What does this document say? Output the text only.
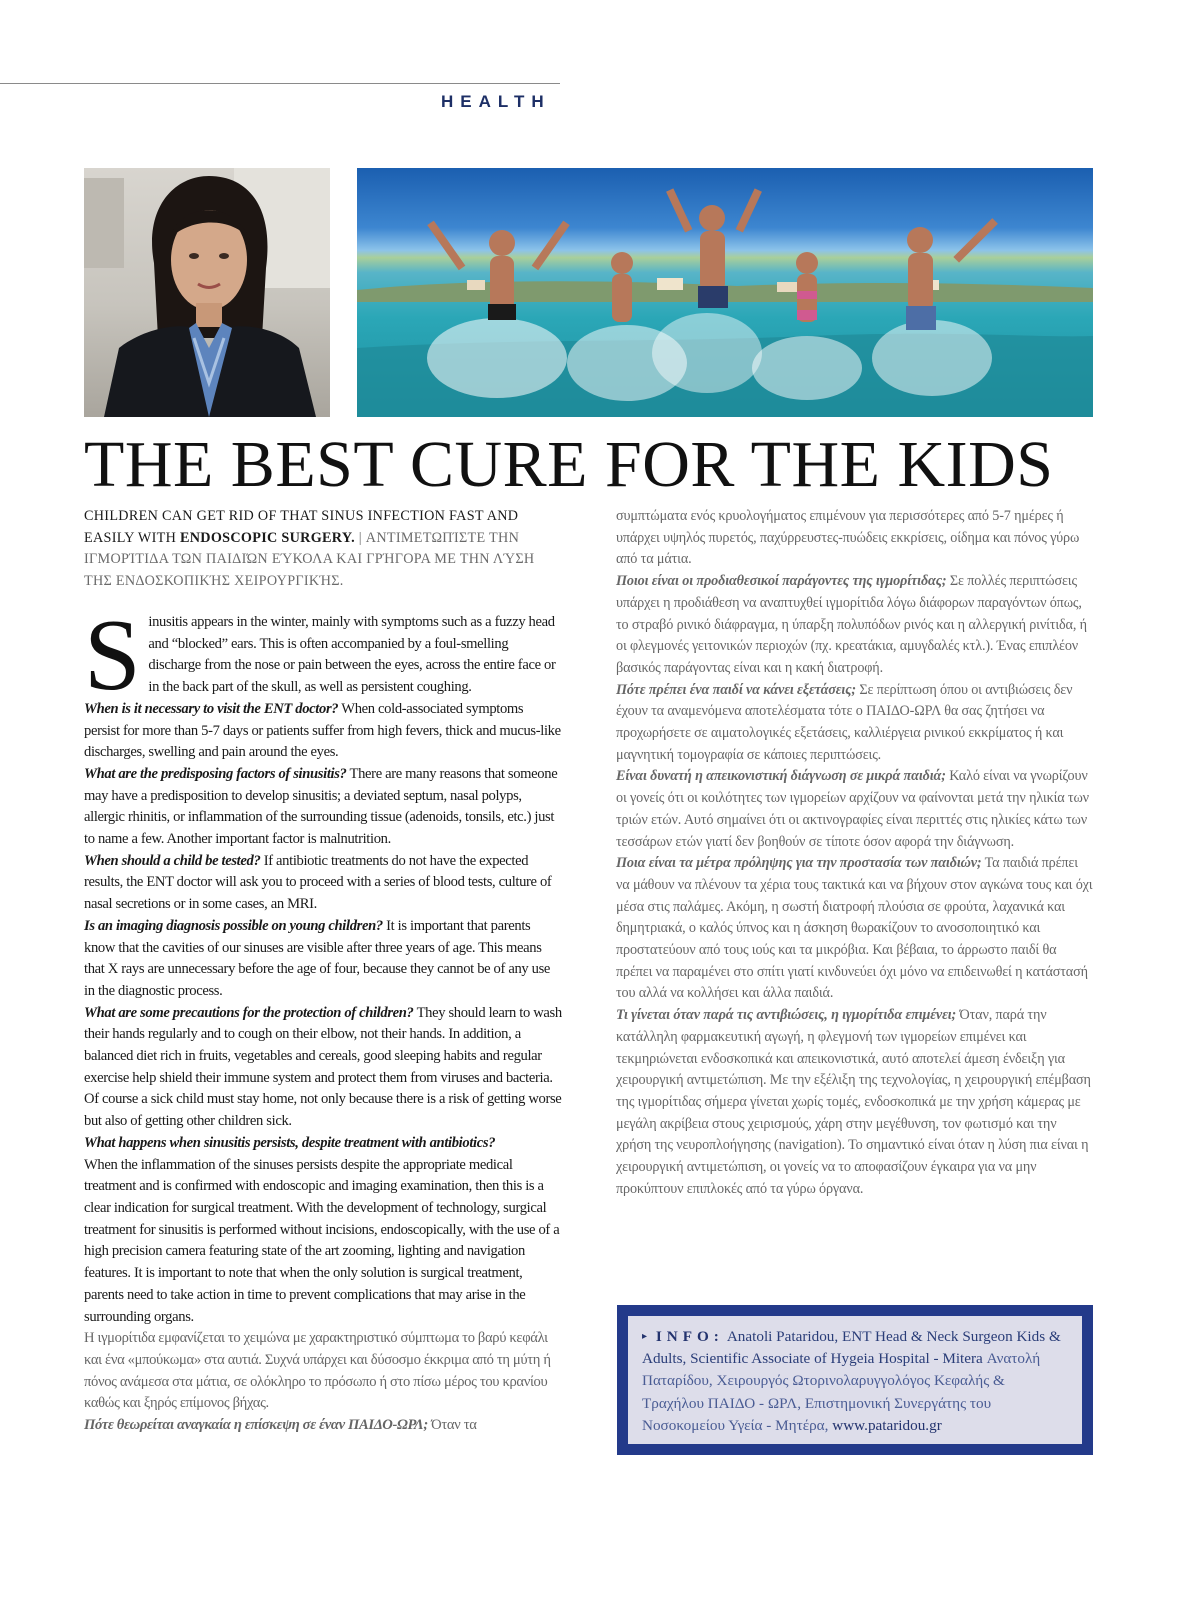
HEALTH
THE BEST CURE FOR THE KIDS
CHILDREN CAN GET RID OF THAT SINUS INFECTION FAST AND EASILY WITH ENDOSCOPIC SURGERY. | ΑΝΤΙΜΕΤΩΠΊΣΤΕ ΤΗΝ ΙΓΜΟΡΊΤΙΔΑ ΤΩΝ ΠΑΙΔΙΏΝ ΕΎΚΟΛΑ ΚΑΙ ΓΡΉΓΟΡΑ ΜΕ ΤΗΝ ΛΎΣΗ ΤΗΣ ΕΝΔΟΣΚΟΠΙΚΉΣ ΧΕΙΡΟΥΡΓΙΚΉΣ.

Sinusitis appears in the winter, mainly with symptoms such as a fuzzy head and “blocked” ears. This is often accompanied by a foul-smelling discharge from the nose or pain between the eyes, across the entire face or in the back part of the skull, as well as persistent coughing.

When is it necessary to visit the ENT doctor? When cold-associated symptoms persist for more than 5-7 days or patients suffer from high fevers, thick and mucus-like discharges, swelling and pain around the eyes.

What are the predisposing factors of sinusitis? There are many reasons that someone may have a predisposition to develop sinusitis; a deviated septum, nasal polyps, allergic rhinitis, or inflammation of the surrounding tissue (adenoids, tonsils, etc.) just to name a few. Another important factor is malnutrition.

When should a child be tested? If antibiotic treatments do not have the expected results, the ENT doctor will ask you to proceed with a series of blood tests, culture of nasal secretions or in some cases, an MRI.

Is an imaging diagnosis possible on young children? It is important that parents know that the cavities of our sinuses are visible after three years of age. This means that X rays are unnecessary before the age of four, because they cannot be of any use in the diagnostic process.

What are some precautions for the protection of children? They should learn to wash their hands regularly and to cough on their elbow, not their hands. In addition, a balanced diet rich in fruits, vegetables and cereals, good sleeping habits and regular exercise help shield their immune system and protect them from viruses and bacteria. Of course a sick child must stay home, not only because there is a risk of getting worse but also of getting other children sick.

What happens when sinusitis persists, despite treatment with antibiotics?
When the inflammation of the sinuses persists despite the appropriate medical treatment and is confirmed with endoscopic and imaging examination, then this is a clear indication for surgical treatment. With the development of technology, surgical treatment for sinusitis is performed without incisions, endoscopically, with the use of a high precision camera featuring state of the art zooming, lighting and navigation features. It is important to note that when the only solution is surgical treatment, parents need to take action in time to prevent complications that may arise in the surrounding organs.

Η ιγμορίτιδα εμφανίζεται το χειμώνα με χαρακτηριστικό σύμπτωμα το βαρύ κεφάλι και ένα «μπούκωμα» στα αυτιά. Συχνά υπάρχει και δύσοσμο έκκριμα από τη μύτη ή πόνος ανάμεσα στα μάτια, σε ολόκληρο το πρόσωπο ή στο πίσω μέρος του κρανίου καθώς και ξηρός επίμονος βήχας.

Πότε θεωρείται αναγκαία η επίσκεψη σε έναν ΠΑΙΔΟ-ΩΡΛ; Όταν τα

συμπτώματα ενός κρυολογήματος επιμένουν για περισσότερες από 5-7 ημέρες ή υπάρχει υψηλός πυρετός, παχύρρευστες-πυώδεις εκκρίσεις, οίδημα και πόνος γύρω από τα μάτια.

Ποιοι είναι οι προδιαθεσικοί παράγοντες της ιγμορίτιδας; Σε πολλές περιπτώσεις υπάρχει η προδιάθεση να αναπτυχθεί ιγμορίτιδα λόγω διάφορων παραγόντων όπως, το στραβό ρινικό διάφραγμα, η ύπαρξη πολυπόδων ρινός και η αλλεργική ρινίτιδα, ή οι φλεγμονές γειτονικών περιοχών (πχ. κρεατάκια, αμυγδαλές κτλ.). Ένας επιπλέον βασικός παράγοντας είναι και η κακή διατροφή.

Πότε πρέπει ένα παιδί να κάνει εξετάσεις; Σε περίπτωση όπου οι αντιβιώσεις δεν έχουν τα αναμενόμενα αποτελέσματα τότε ο ΠΑΙΔΟ-ΩΡΛ θα σας ζητήσει να προχωρήσετε σε αιματολογικές εξετάσεις, καλλιέργεια ρινικού εκκρίματος ή και μαγνητική τομογραφία σε κάποιες περιπτώσεις.

Είναι δυνατή η απεικονιστική διάγνωση σε μικρά παιδιά; Καλό είναι να γνωρίζουν οι γονείς ότι οι κοιλότητες των ιγμορείων αρχίζουν να φαίνονται μετά την ηλικία των τριών ετών. Αυτό σημαίνει ότι οι ακτινογραφίες είναι περιττές στις ηλικίες κάτω των τεσσάρων ετών γιατί δεν βοηθούν σε τίποτε όσον αφορά την διάγνωση.

Ποια είναι τα μέτρα πρόληψης για την προστασία των παιδιών; Τα παιδιά πρέπει να μάθουν να πλένουν τα χέρια τους τακτικά και να βήχουν στον αγκώνα τους και όχι μέσα στις παλάμες. Ακόμη, η σωστή διατροφή πλούσια σε φρούτα, λαχανικά και δημητριακά, ο καλός ύπνος και η άσκηση θωρακίζουν το ανοσοποιητικό και προστατεύουν από τους ιούς και τα μικρόβια. Και βέβαια, το άρρωστο παιδί θα πρέπει να παραμένει στο σπίτι γιατί κινδυνεύει όχι μόνο να επιδεινωθεί η κατάστασή του αλλά να κολλήσει και άλλα παιδιά.

Τι γίνεται όταν παρά τις αντιβιώσεις, η ιγμορίτιδα επιμένει; Όταν, παρά την κατάλληλη φαρμακευτική αγωγή, η φλεγμονή των ιγμορείων επιμένει και τεκμηριώνεται ενδοσκοπικά και απεικονιστικά, αυτό αποτελεί άμεση ένδειξη για χειρουργική αντιμετώπιση. Με την εξέλιξη της τεχνολογίας, η χειρουργική επέμβαση της ιγμορίτιδας σήμερα γίνεται χωρίς τομές, ενδοσκοπικά με την χρήση κάμερας με μεγάλη ακρίβεια στους χειρισμούς, χάρη στην μεγέθυνση, τον φωτισμό και την χρήση της νευροπλοήγησης (navigation). Το σημαντικό είναι όταν η λύση πια είναι η χειρουργική αντιμετώπιση, οι γονείς να το αποφασίζουν έγκαιρα για να μην προκύπτουν επιπλοκές από τα γύρω όργανα.

▸ INFO: Anatoli Pataridou, ENT Head & Neck Surgeon Kids & Adults, Scientific Associate of Hygeia Hospital - Mitera Ανατολή Παταρίδου, Χειρουργός Ωτορινολαρυγγολόγος Κεφαλής & Τραχήλου ΠΑΙΔΟ - ΩΡΛ, Επιστημονική Συνεργάτης του Νοσοκομείου Υγεία - Μητέρα, www.pataridou.gr
